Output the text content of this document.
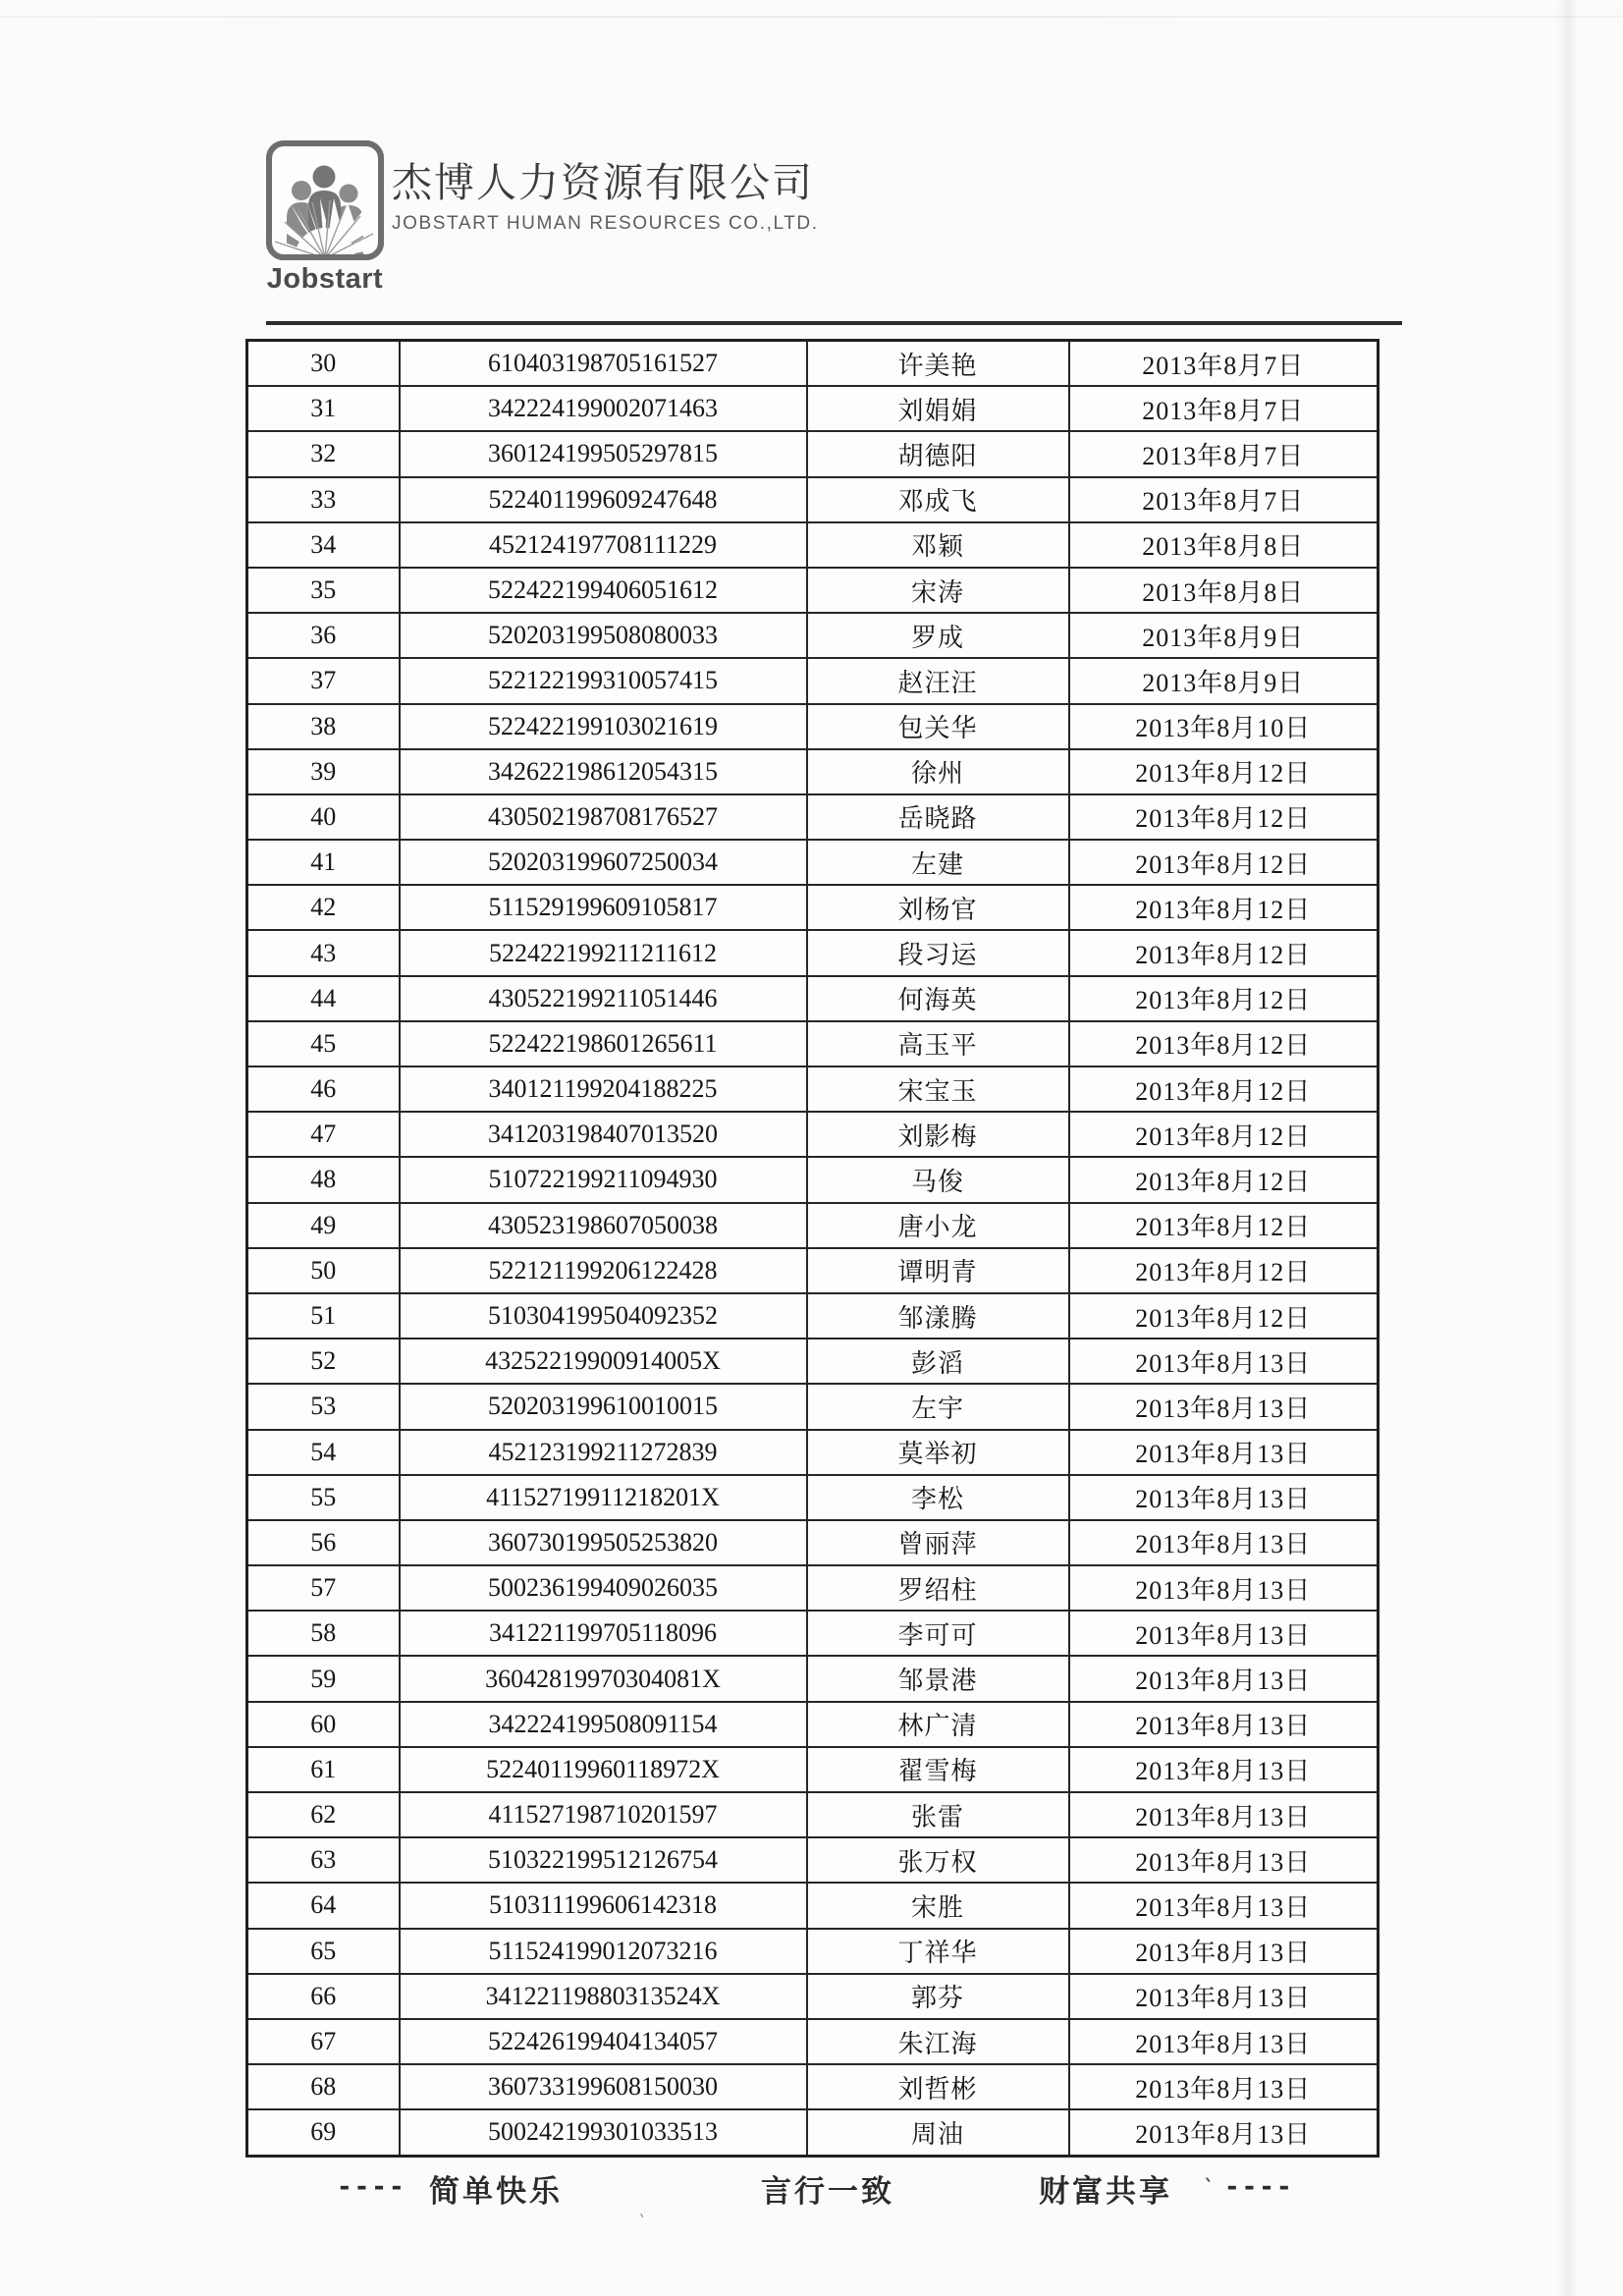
Jobstart
杰博人力资源有限公司
JOBSTART HUMAN RESOURCES CO.,LTD.
30	610403198705161527	许美艳	2013年8月7日
31	342224199002071463	刘娟娟	2013年8月7日
32	360124199505297815	胡德阳	2013年8月7日
33	522401199609247648	邓成飞	2013年8月7日
34	452124197708111229	邓颖	2013年8月8日
35	522422199406051612	宋涛	2013年8月8日
36	520203199508080033	罗成	2013年8月9日
37	522122199310057415	赵汪汪	2013年8月9日
38	522422199103021619	包关华	2013年8月10日
39	342622198612054315	徐州	2013年8月12日
40	430502198708176527	岳晓路	2013年8月12日
41	520203199607250034	左建	2013年8月12日
42	511529199609105817	刘杨官	2013年8月12日
43	522422199211211612	段习运	2013年8月12日
44	430522199211051446	何海英	2013年8月12日
45	522422198601265611	高玉平	2013年8月12日
46	340121199204188225	宋宝玉	2013年8月12日
47	341203198407013520	刘影梅	2013年8月12日
48	510722199211094930	马俊	2013年8月12日
49	430523198607050038	唐小龙	2013年8月12日
50	522121199206122428	谭明青	2013年8月12日
51	510304199504092352	邹漾腾	2013年8月12日
52	43252219900914005X	彭滔	2013年8月13日
53	520203199610010015	左宇	2013年8月13日
54	452123199211272839	莫举初	2013年8月13日
55	41152719911218201X	李松	2013年8月13日
56	360730199505253820	曾丽萍	2013年8月13日
57	500236199409026035	罗绍柱	2013年8月13日
58	341221199705118096	李可可	2013年8月13日
59	36042819970304081X	邹景港	2013年8月13日
60	342224199508091154	林广清	2013年8月13日
61	52240119960118972X	翟雪梅	2013年8月13日
62	411527198710201597	张雷	2013年8月13日
63	510322199512126754	张万权	2013年8月13日
64	510311199606142318	宋胜	2013年8月13日
65	511524199012073216	丁祥华	2013年8月13日
66	34122119880313524X	郭芬	2013年8月13日
67	522426199404134057	朱江海	2013年8月13日
68	360733199608150030	刘哲彬	2013年8月13日
69	500242199301033513	周油	2013年8月13日
---- 简单快乐	言行一致	财富共享 ` ----
`
